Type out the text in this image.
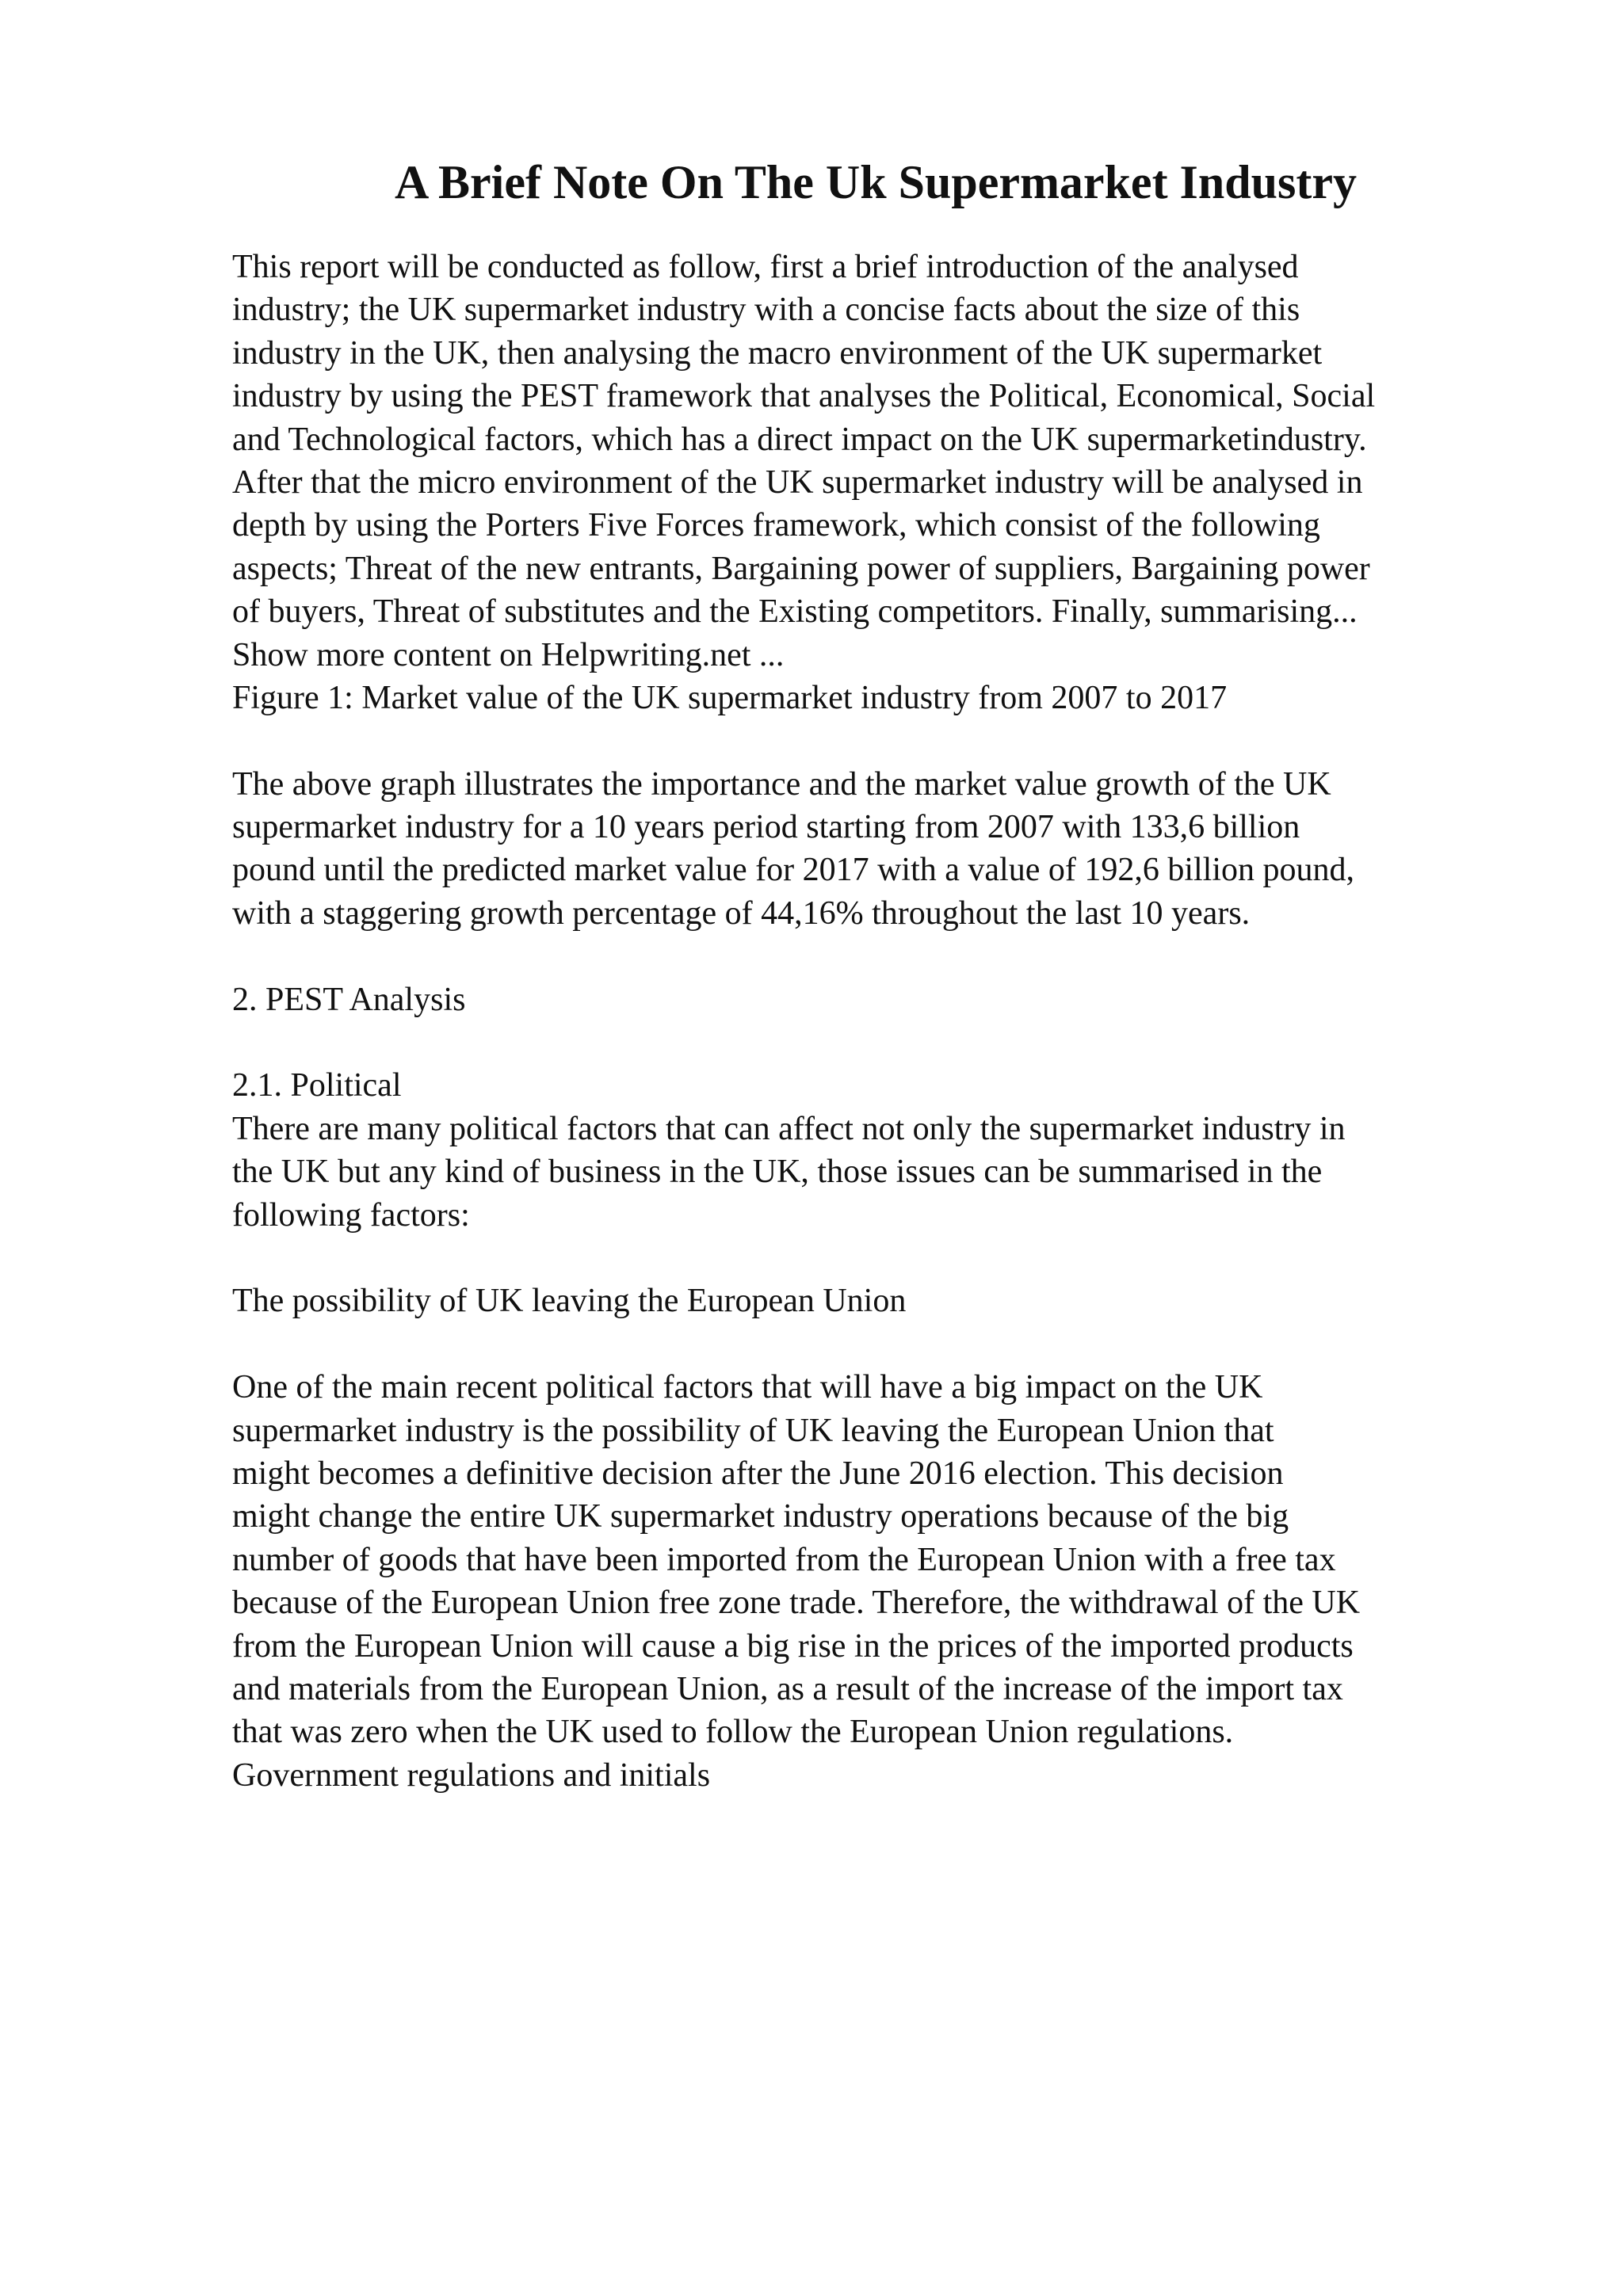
A Brief Note On The Uk Supermarket Industry
This report will be conducted as follow, first a brief introduction of the analysed
industry; the UK supermarket industry with a concise facts about the size of this
industry in the UK, then analysing the macro environment of the UK supermarket
industry by using the PEST framework that analyses the Political, Economical, Social
and Technological factors, which has a direct impact on the UK supermarketindustry.
After that the micro environment of the UK supermarket industry will be analysed in
depth by using the Porters Five Forces framework, which consist of the following
aspects; Threat of the new entrants, Bargaining power of suppliers, Bargaining power
of buyers, Threat of substitutes and the Existing competitors. Finally, summarising...
Show more content on Helpwriting.net ...
Figure 1: Market value of the UK supermarket industry from 2007 to 2017
The above graph illustrates the importance and the market value growth of the UK
supermarket industry for a 10 years period starting from 2007 with 133,6 billion
pound until the predicted market value for 2017 with a value of 192,6 billion pound,
with a staggering growth percentage of 44,16% throughout the last 10 years.
2. PEST Analysis
2.1. Political
There are many political factors that can affect not only the supermarket industry in
the UK but any kind of business in the UK, those issues can be summarised in the
following factors:
The possibility of UK leaving the European Union
One of the main recent political factors that will have a big impact on the UK
supermarket industry is the possibility of UK leaving the European Union that
might becomes a definitive decision after the June 2016 election. This decision
might change the entire UK supermarket industry operations because of the big
number of goods that have been imported from the European Union with a free tax
because of the European Union free zone trade. Therefore, the withdrawal of the UK
from the European Union will cause a big rise in the prices of the imported products
and materials from the European Union, as a result of the increase of the import tax
that was zero when the UK used to follow the European Union regulations.
Government regulations and initials
